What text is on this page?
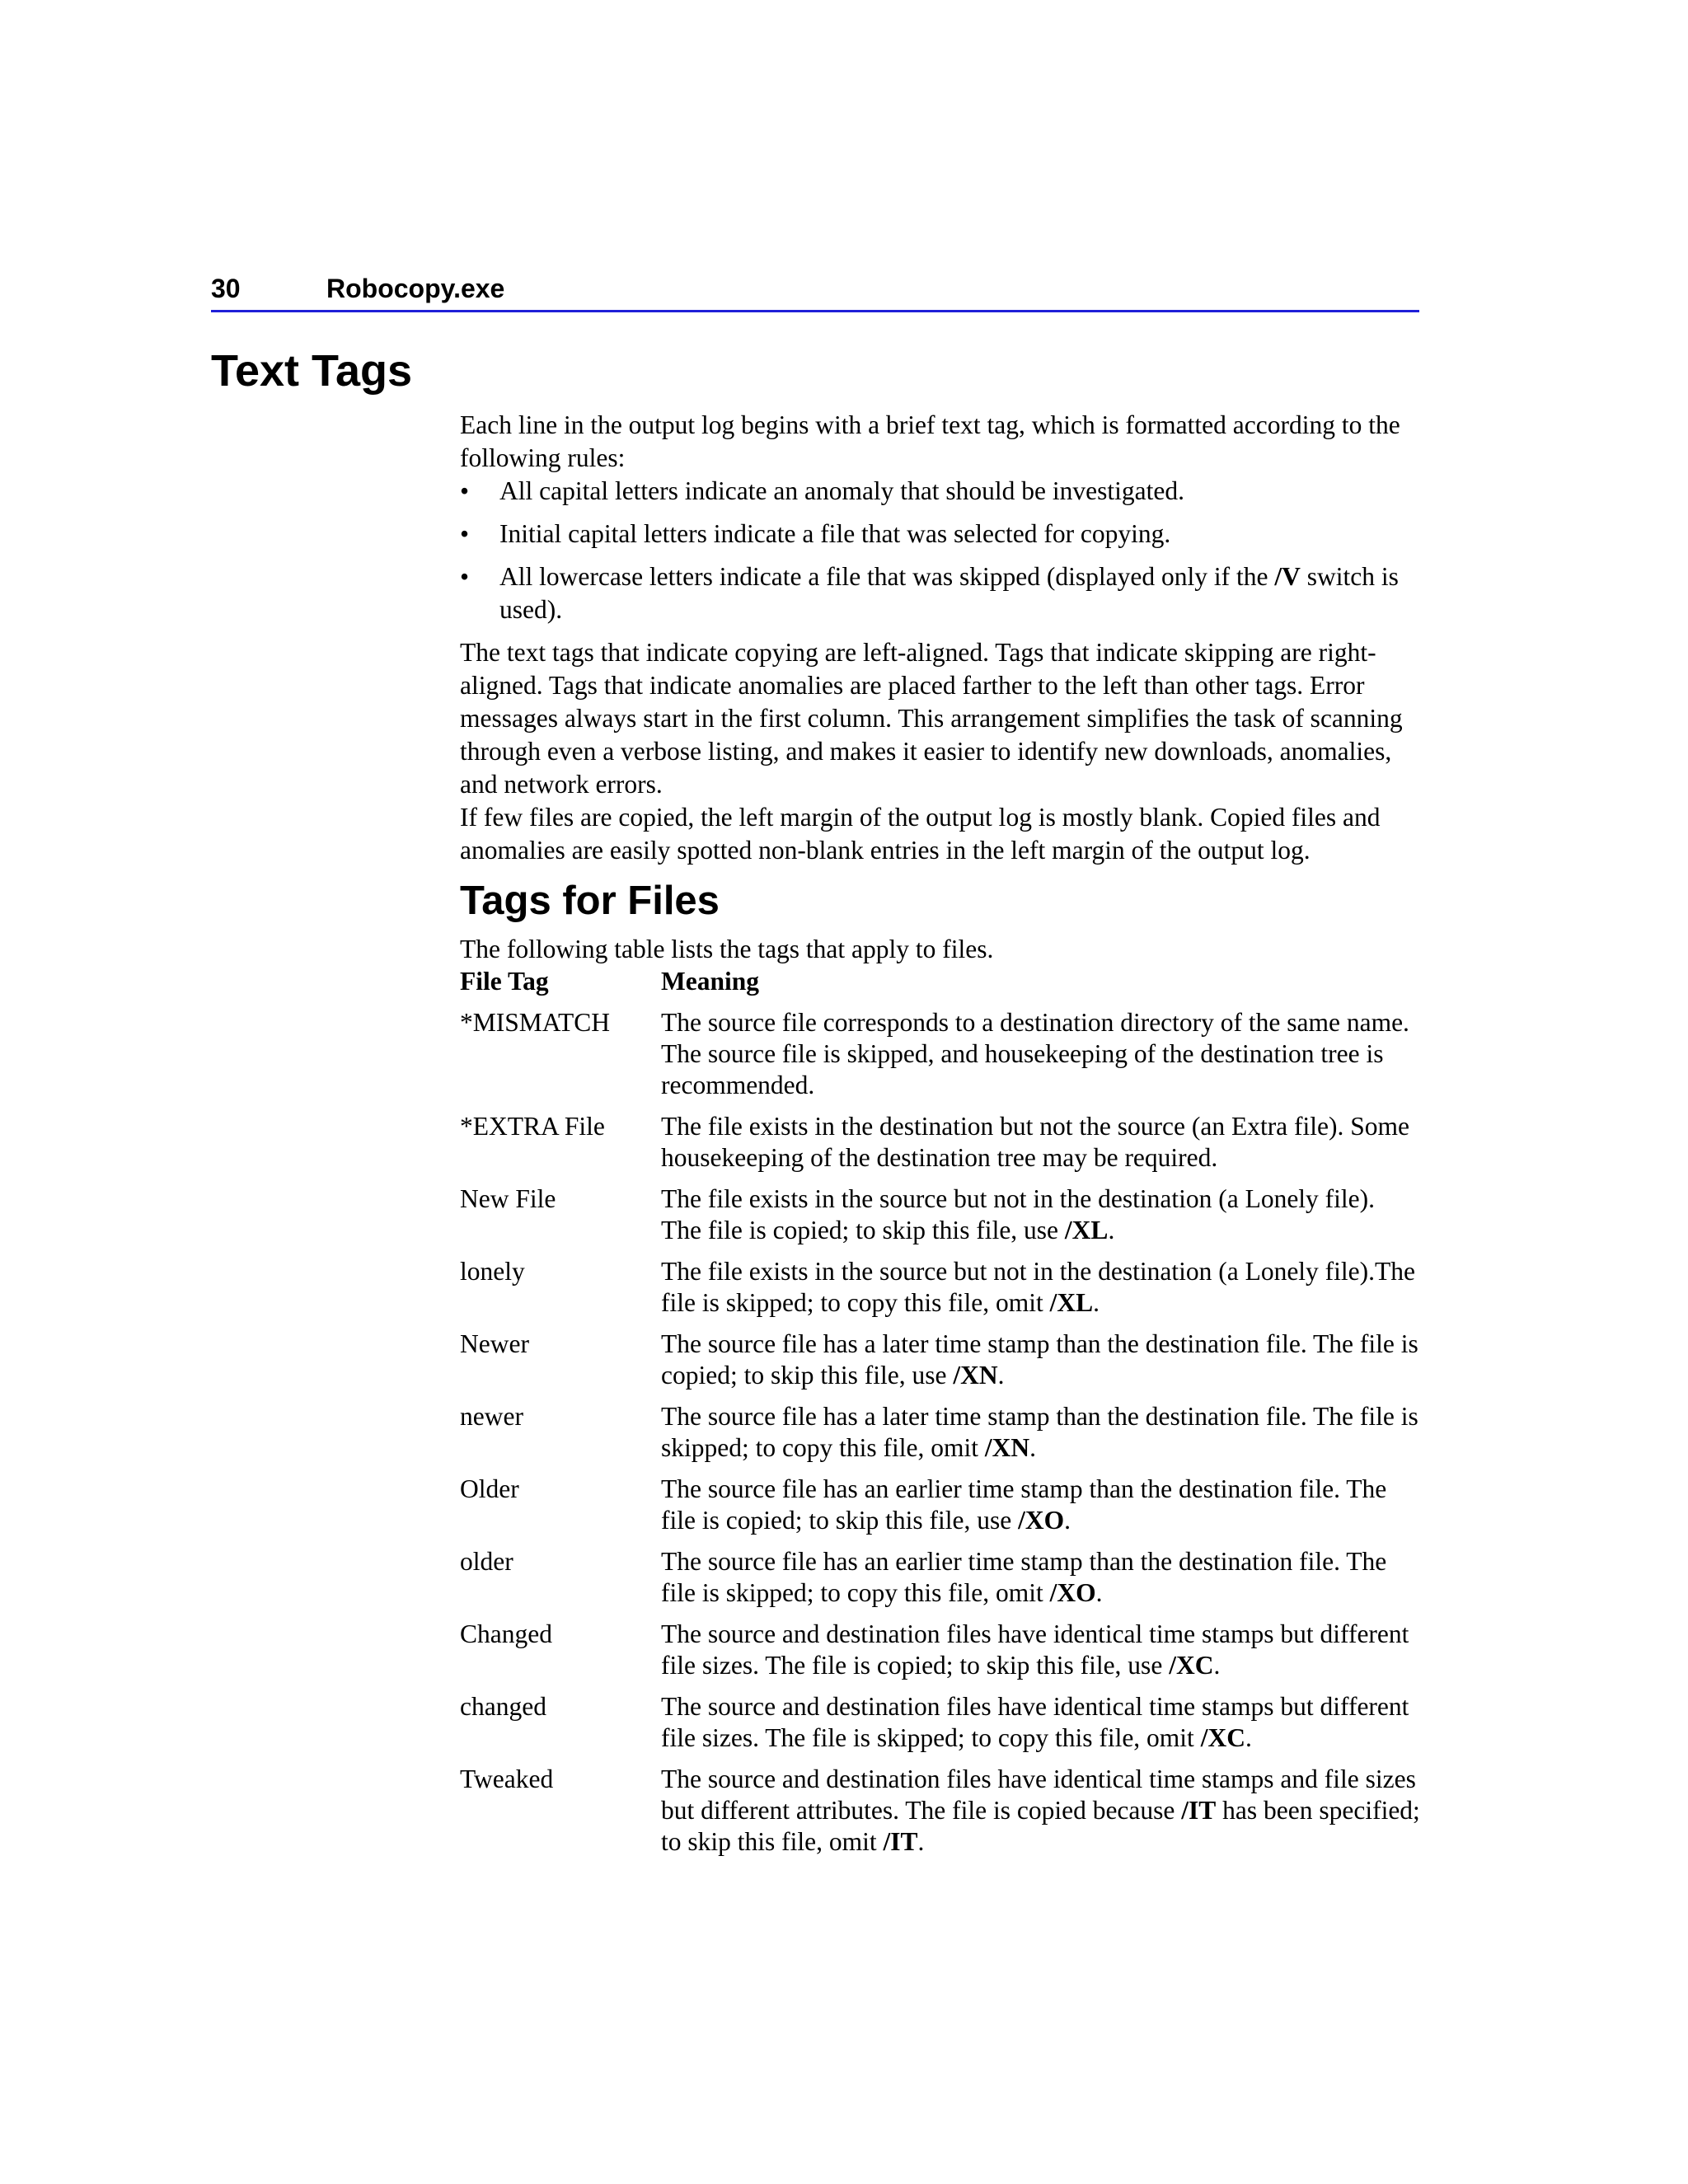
30	Robocopy.exe
Text Tags

Each line in the output log begins with a brief text tag, which is formatted according to the following rules:

• All capital letters indicate an anomaly that should be investigated.
• Initial capital letters indicate a file that was selected for copying.
• All lowercase letters indicate a file that was skipped (displayed only if the /V switch is used).

The text tags that indicate copying are left-aligned. Tags that indicate skipping are right-aligned. Tags that indicate anomalies are placed farther to the left than other tags. Error messages always start in the first column. This arrangement simplifies the task of scanning through even a verbose listing, and makes it easier to identify new downloads, anomalies, and network errors.

If few files are copied, the left margin of the output log is mostly blank. Copied files and anomalies are easily spotted non-blank entries in the left margin of the output log.

Tags for Files

The following table lists the tags that apply to files.

File Tag	Meaning
*MISMATCH	The source file corresponds to a destination directory of the same name. The source file is skipped, and housekeeping of the destination tree is recommended.
*EXTRA File	The file exists in the destination but not the source (an Extra file). Some housekeeping of the destination tree may be required.
New File	The file exists in the source but not in the destination (a Lonely file). The file is copied; to skip this file, use /XL.
lonely	The file exists in the source but not in the destination (a Lonely file).The file is skipped; to copy this file, omit /XL.
Newer	The source file has a later time stamp than the destination file. The file is copied; to skip this file, use /XN.
newer	The source file has a later time stamp than the destination file. The file is skipped; to copy this file, omit /XN.
Older	The source file has an earlier time stamp than the destination file. The file is copied; to skip this file, use /XO.
older	The source file has an earlier time stamp than the destination file. The file is skipped; to copy this file, omit /XO.
Changed	The source and destination files have identical time stamps but different file sizes. The file is copied; to skip this file, use /XC.
changed	The source and destination files have identical time stamps but different file sizes. The file is skipped; to copy this file, omit /XC.
Tweaked	The source and destination files have identical time stamps and file sizes but different attributes. The file is copied because /IT has been specified; to skip this file, omit /IT.
